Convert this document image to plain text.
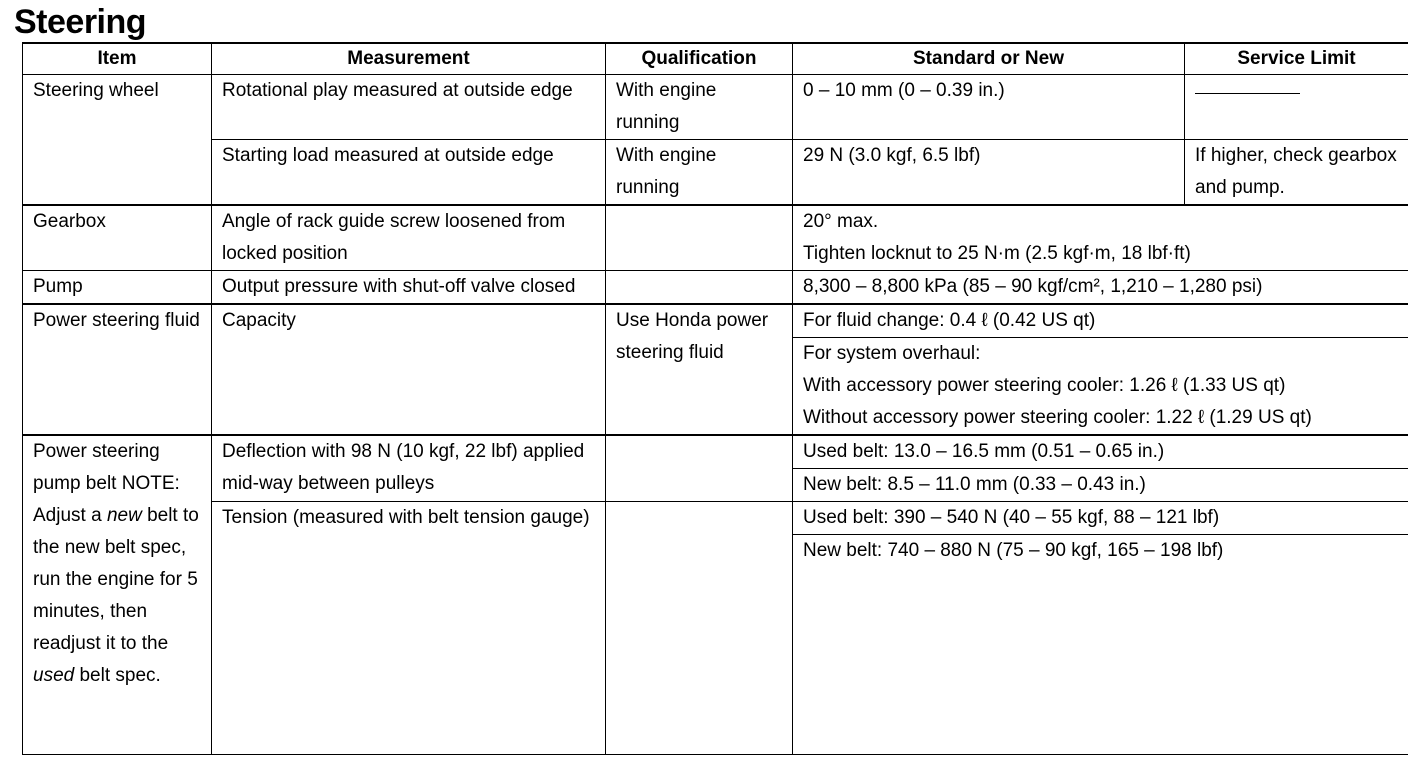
Steering
Item	Measurement	Qualification	Standard or New	Service Limit
Steering wheel	Rotational play measured at outside edge	With engine running	0 – 10 mm (0 – 0.39 in.)	
	Starting load measured at outside edge	With engine running	29 N (3.0 kgf, 6.5 lbf)	If higher, check gearbox and pump.
Gearbox	Angle of rack guide screw loosened from locked position		20° max.
Tighten locknut to 25 N·m (2.5 kgf·m, 18 lbf·ft)	

Pump	Output pressure with shut-off valve closed		8,300 – 8,800 kPa (85 – 90 kgf/cm², 1,210 – 1,280 psi)	
Power steering fluid	Capacity	Use Honda power steering fluid	For fluid change: 0.4 ℓ (0.42 US qt)
For system overhaul:
With accessory power steering cooler: 1.26 ℓ (1.33 US qt)
Without accessory power steering cooler: 1.22 ℓ (1.29 US qt)	

Power steering pump belt NOTE: Adjust a new belt to the new belt spec, run the engine for 5 minutes, then readjust it to the used belt spec.	Deflection with 98 N (10 kgf, 22 lbf) applied mid-way between pulleys		Used belt: 13.0 – 16.5 mm (0.51 – 0.65 in.)
New belt: 8.5 – 11.0 mm (0.33 – 0.43 in.)	

	Tension (measured with belt tension gauge)		Used belt: 390 – 540 N (40 – 55 kgf, 88 – 121 lbf)
New belt: 740 – 880 N (75 – 90 kgf, 165 – 198 lbf)	
